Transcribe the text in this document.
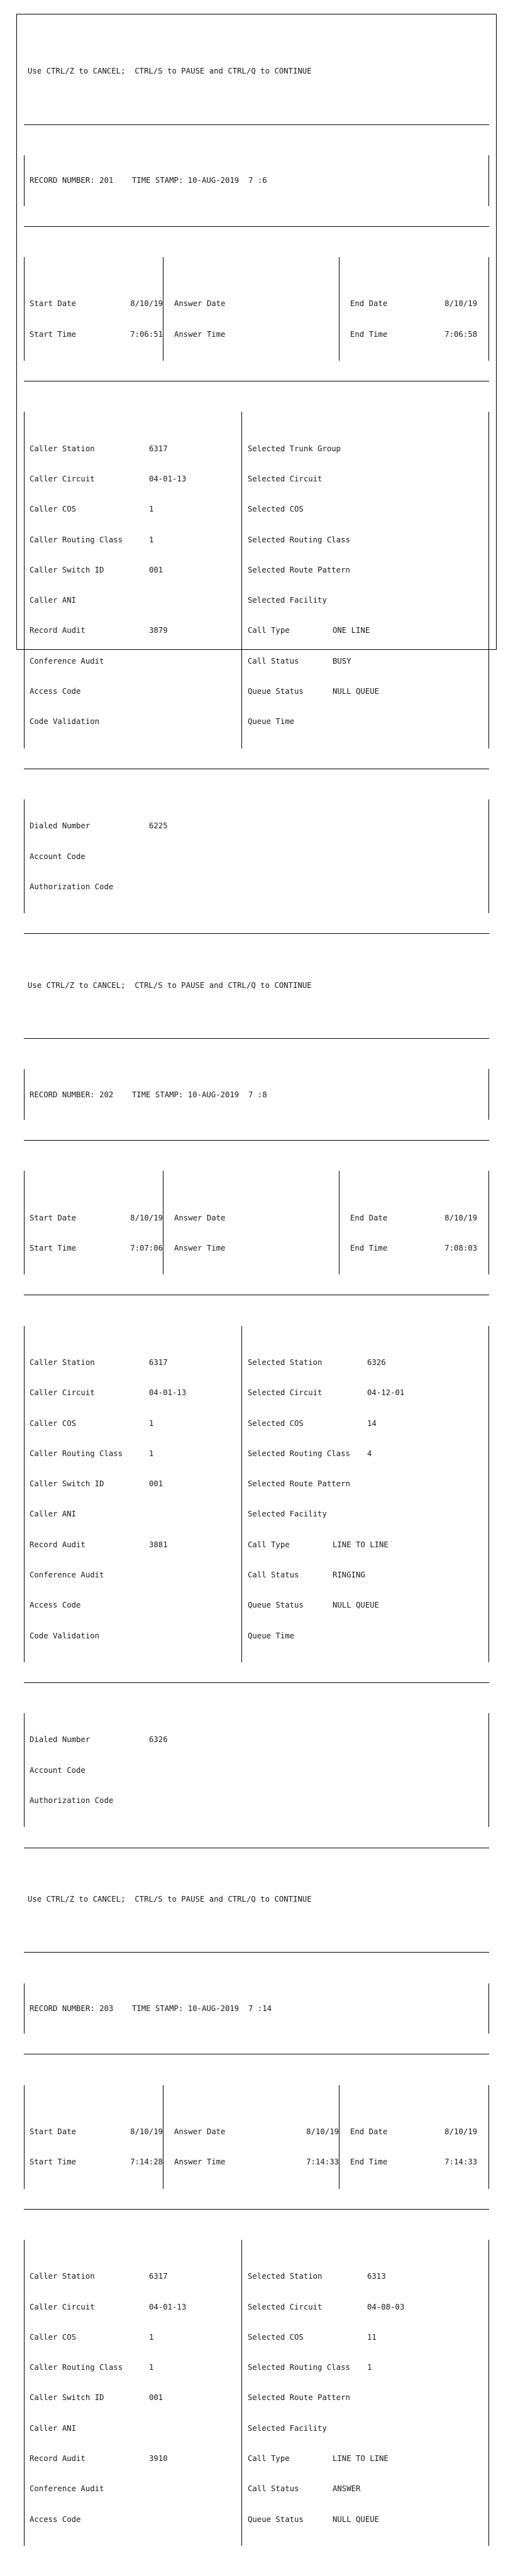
Use CTRL/Z to CANCEL;  CTRL/S to PAUSE and CTRL/Q to CONTINUE

RECORD NUMBER: 201 TIME STAMP: 10-AUG-2019  7 :6

Start Date	8/10/19 Answer Date	End Date	8/10/19

Start Time	7:06:51 Answer Time	End Time	7:06:58

Caller Station	6317	Selected Trunk Group

Caller Circuit	04-01-13	Selected Circuit

Caller COS	1	Selected COS

Caller Routing Class	1	Selected Routing Class

Caller Switch ID	001	Selected Route Pattern

Caller ANI	Selected Facility

Record Audit	3879	Call Type	ONE LINE

Conference Audit	Call Status	BUSY

Access Code	Queue Status	NULL QUEUE

Code Validation	Queue Time

Dialed Number	6225

Account Code

Authorization Code

Use CTRL/Z to CANCEL;  CTRL/S to PAUSE and CTRL/Q to CONTINUE

RECORD NUMBER: 202 TIME STAMP: 10-AUG-2019  7 :8

Start Date	8/10/19 Answer Date	End Date	8/10/19

Start Time	7:07:06 Answer Time	End Time	7:08:03

Caller Station	6317	Selected Station	6326

Caller Circuit	04-01-13	Selected Circuit	04-12-01

Caller COS	1	Selected COS	14

Caller Routing Class	1	Selected Routing Class 4

Caller Switch ID	001	Selected Route Pattern

Caller ANI	Selected Facility

Record Audit	3881	Call Type	LINE TO LINE

Conference Audit	Call Status	RINGING

Access Code	Queue Status	NULL QUEUE

Code Validation	Queue Time

Dialed Number	6326

Account Code

Authorization Code

Use CTRL/Z to CANCEL;  CTRL/S to PAUSE and CTRL/Q to CONTINUE

RECORD NUMBER: 203 TIME STAMP: 10-AUG-2019  7 :14

Start Date	8/10/19 Answer Date	8/10/19 End Date	8/10/19

Start Time	7:14:28 Answer Time	7:14:33 End Time	7:14:33

Caller Station	6317	Selected Station	6313

Caller Circuit	04-01-13	Selected Circuit	04-08-03

Caller COS	1	Selected COS	11

Caller Routing Class	1	Selected Routing Class 1

Caller Switch ID	001	Selected Route Pattern

Caller ANI	Selected Facility

Record Audit	3910	Call Type	LINE TO LINE

Conference Audit	Call Status	ANSWER

Access Code	Queue Status	NULL QUEUE
